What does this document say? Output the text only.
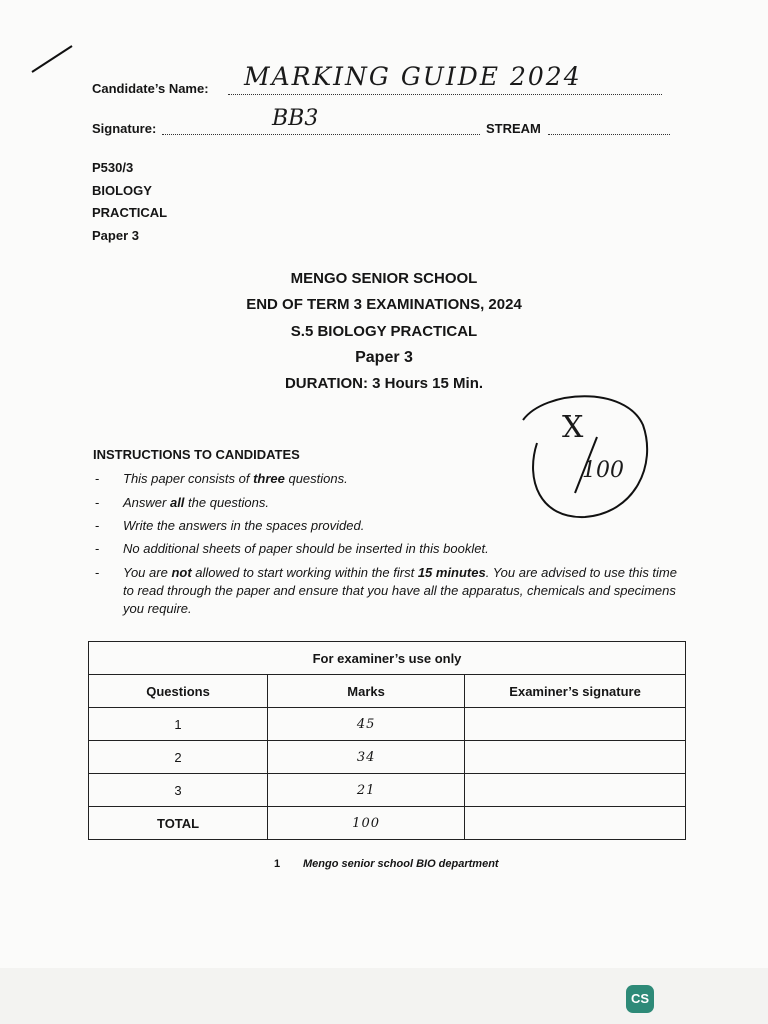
Candidate’s Name: MARKING GUIDE 2024
Signature:	BB3	STREAM
P530/3
BIOLOGY
PRACTICAL
Paper 3
MENGO SENIOR SCHOOL
END OF TERM 3 EXAMINATIONS, 2024
S.5 BIOLOGY PRACTICAL
Paper 3
DURATION: 3 Hours 15 Min.
X
100
INSTRUCTIONS TO CANDIDATES
- This paper consists of three questions.
- Answer all the questions.
- Write the answers in the spaces provided.
- No additional sheets of paper should be inserted in this booklet.
- You are not allowed to start working within the first 15 minutes. You are advised to use this time to read through the paper and ensure that you have all the apparatus, chemicals and specimens you require.
For examiner’s use only		
Questions	Marks	Examiner’s signature
1	45	
2	34	
3	21	
TOTAL	100	
1 Mengo senior school BIO department
CS
